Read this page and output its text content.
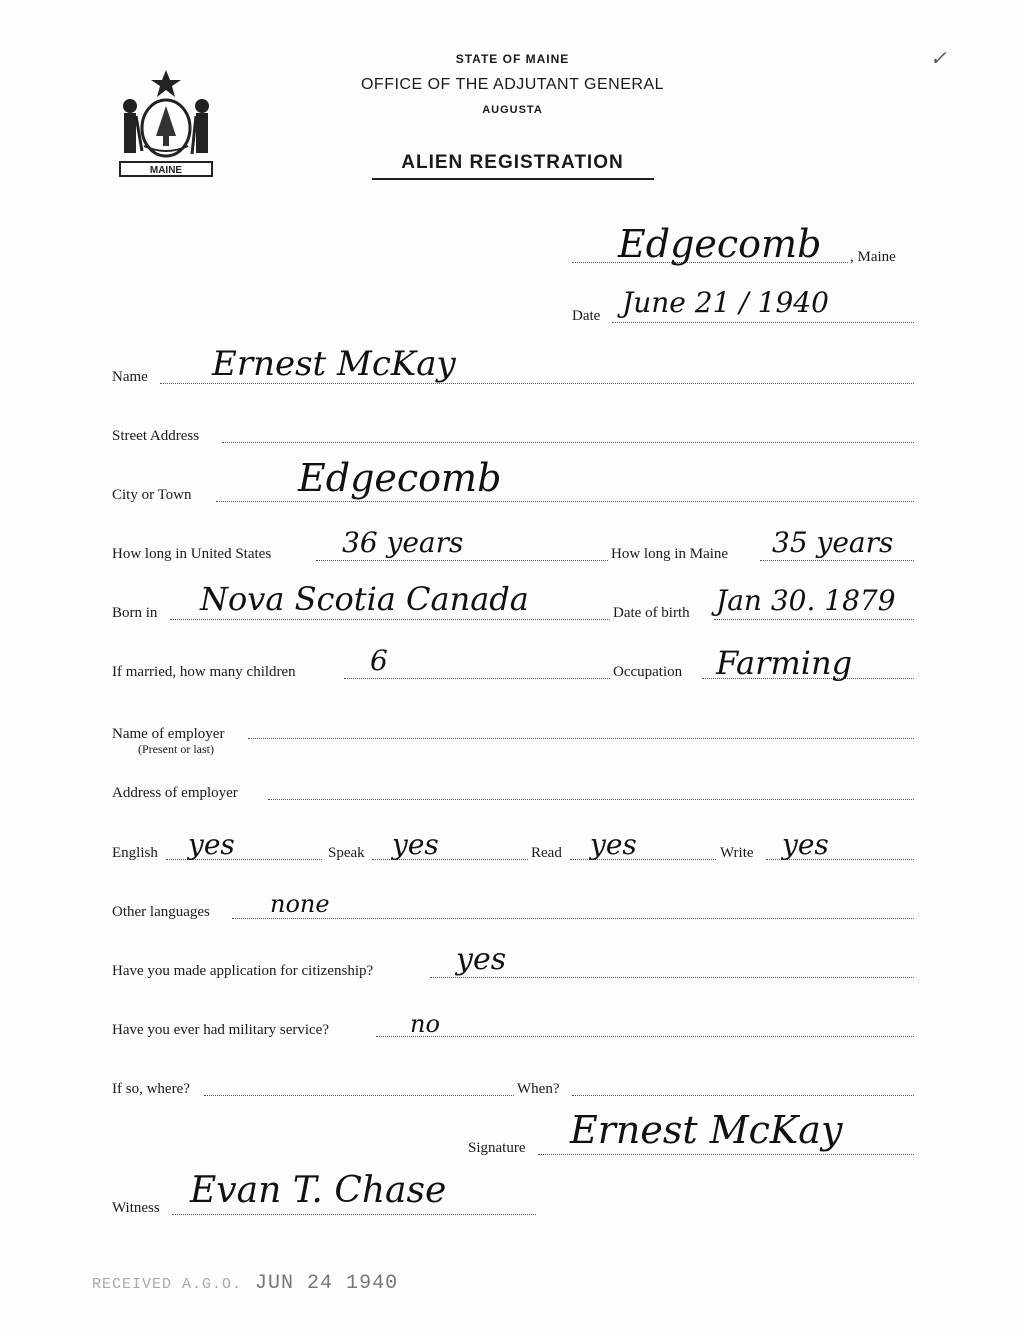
MAINE
STATE OF MAINE
OFFICE OF THE ADJUTANT GENERAL
AUGUSTA
ALIEN REGISTRATION
✓
Edgecomb , Maine
Date June 21 / 1940
Name Ernest McKay
Street Address
City or Town	Edgecomb
How long in United States	36 years	How long in Maine 35 years
Born in Nova Scotia Canada	Date of birth Jan 30. 1879
If married, how many children	6	Occupation Farming
Name of employer
(Present or last)
Address of employer
English yes	Speak yes	Read yes	Write yes
Other languages	none
Have you made application for citizenship?	yes
Have you ever had military service?	no
If so, where?	When?
Signature Ernest McKay
Witness Evan T. Chase
RECEIVED A.G.O. JUN 24 1940
